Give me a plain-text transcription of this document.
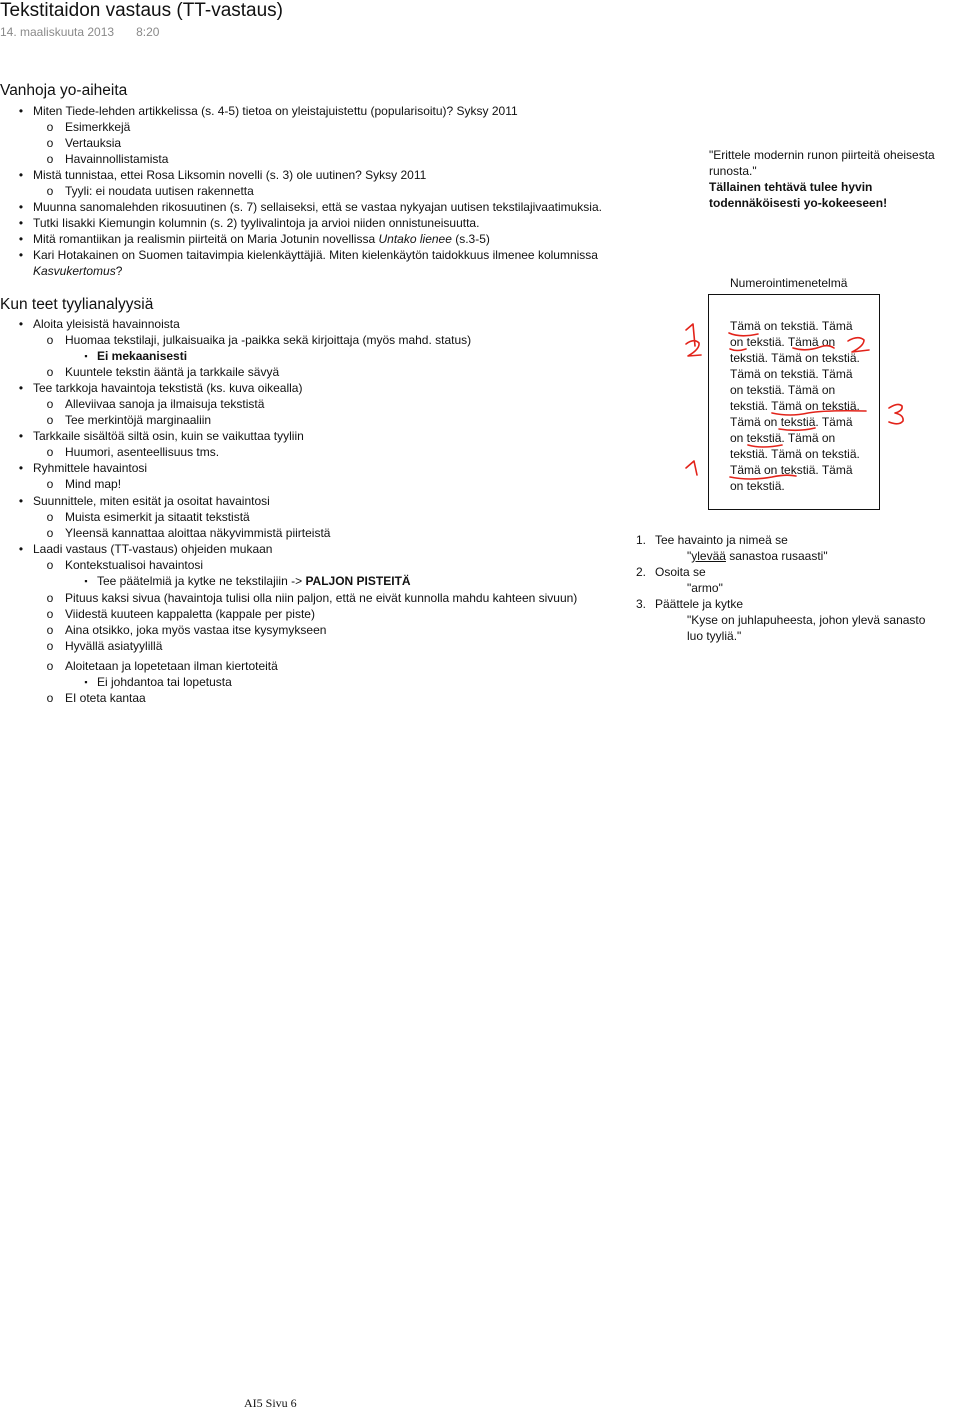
Tekstitaidon vastaus (TT-vastaus)
14. maaliskuuta 2013 8:20
Vanhoja yo-aiheita
• Miten Tiede-lehden artikkelissa (s. 4-5) tietoa on yleistajuistettu (popularisoitu)? Syksy 2011
o Esimerkkejä
o Vertauksia
o Havainnollistamista
• Mistä tunnistaa, ettei Rosa Liksomin novelli (s. 3) ole uutinen? Syksy 2011
o Tyyli: ei noudata uutisen rakennetta
• Muunna sanomalehden rikosuutinen (s. 7) sellaiseksi, että se vastaa nykyajan uutisen tekstilajivaatimuksia.
• Tutki Iisakki Kiemungin kolumnin (s. 2) tyylivalintoja ja arvioi niiden onnistuneisuutta.
• Mitä romantiikan ja realismin piirteitä on Maria Jotunin novellissa Untako lienee (s.3-5)
• Kari Hotakainen on Suomen taitavimpia kielenkäyttäjiä. Miten kielenkäytön taidokkuus ilmenee kolumnissa
Kasvukertomus?
Kun teet tyylianalyysiä
• Aloita yleisistä havainnoista
o Huomaa tekstilaji, julkaisuaika ja -paikka sekä kirjoittaja (myös mahd. status)
▪ Ei mekaanisesti
o Kuuntele tekstin ääntä ja tarkkaile sävyä
• Tee tarkkoja havaintoja tekstistä (ks. kuva oikealla)
o Alleviivaa sanoja ja ilmaisuja tekstistä
o Tee merkintöjä marginaaliin
• Tarkkaile sisältöä siltä osin, kuin se vaikuttaa tyyliin
o Huumori, asenteellisuus tms.
• Ryhmittele havaintosi
o Mind map!
• Suunnittele, miten esität ja osoitat havaintosi
o Muista esimerkit ja sitaatit tekstistä
o Yleensä kannattaa aloittaa näkyvimmistä piirteistä
• Laadi vastaus (TT-vastaus) ohjeiden mukaan
o Kontekstualisoi havaintosi
▪ Tee päätelmiä ja kytke ne tekstilajiin -> PALJON PISTEITÄ
o Pituus kaksi sivua (havaintoja tulisi olla niin paljon, että ne eivät kunnolla mahdu kahteen sivuun)
o Viidestä kuuteen kappaletta (kappale per piste)
o Aina otsikko, joka myös vastaa itse kysymykseen
o Hyvällä asiatyylillä
o Aloitetaan ja lopetetaan ilman kiertoteitä
▪ Ei johdantoa tai lopetusta
o EI oteta kantaa
"Erittele modernin runon piirteitä oheisesta runosta."
Tällainen tehtävä tulee hyvin todennäköisesti yo-kokeeseen!
Numerointimenetelmä
Tämä on tekstiä. Tämä
on tekstiä. Tämä on
tekstiä. Tämä on tekstiä.
Tämä on tekstiä. Tämä
on tekstiä. Tämä on
tekstiä. Tämä on tekstiä.
Tämä on tekstiä. Tämä
on tekstiä. Tämä on
tekstiä. Tämä on tekstiä.
Tämä on tekstiä. Tämä
on tekstiä.
1. Tee havainto ja nimeä se
"ylevää sanastoa rusaasti"
2. Osoita se
"armo"
3. Päättele ja kytke
"Kyse on juhlapuheesta, johon ylevä sanasto
luo tyyliä."
AI5 Sivu 6
